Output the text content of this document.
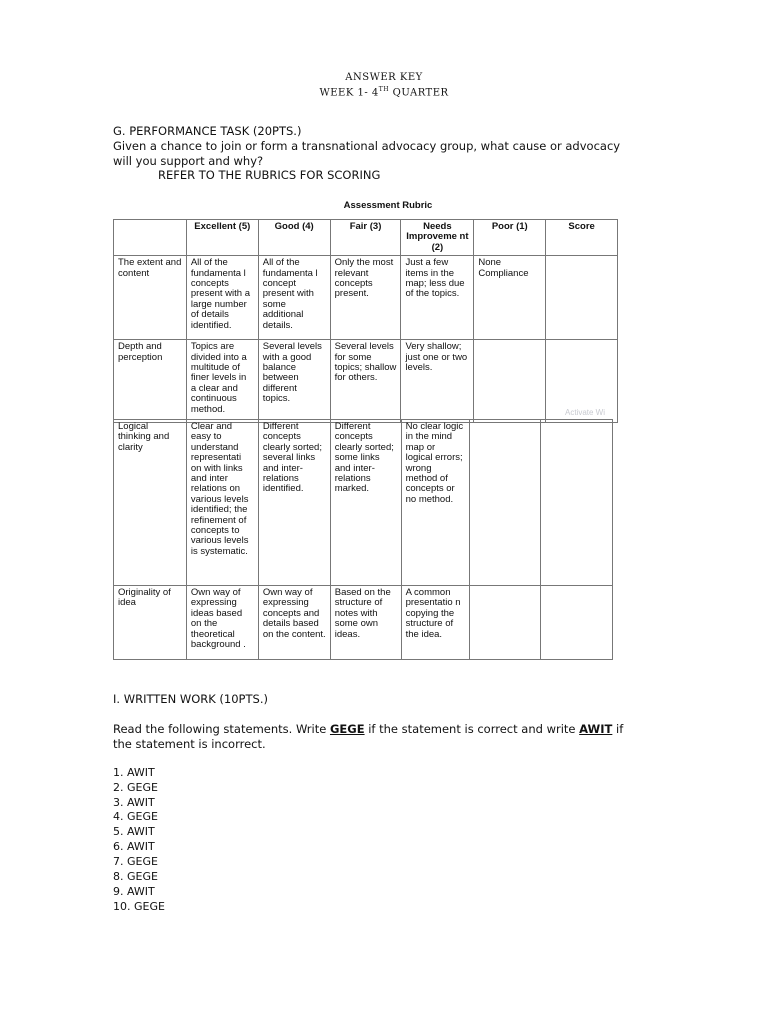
ANSWER KEY
WEEK 1- 4TH QUARTER
G. PERFORMANCE TASK (20PTS.)
Given a chance to join or form a transnational advocacy group, what cause or advocacy
will you support and why?
REFER TO THE RUBRICS FOR SCORING
Assessment Rubric
	Excellent (5)	Good (4)	Fair (3)	Needs Improveme nt (2)	Poor (1)	Score
The extent and content	All of the fundamenta l concepts present with a large number of details identified.	All of the fundamenta l concept present with some additional details.	Only the most relevant concepts present.	Just a few items in the map; less due of the topics.	None Compliance	
Depth and perception	Topics are divided into a multitude of finer levels in a clear and continuous method.	Several levels with a good balance between different topics.	Several levels for some topics; shallow for others.	Very shallow; just one or two levels.		
Activate Wi
Logical thinking and clarity	Clear and easy to understand representati on with links and inter relations on various levels identified; the refinement of concepts to various levels is systematic.	Different concepts clearly sorted; several links and inter-relations identified.	Different concepts clearly sorted; some links and inter-relations marked.	No clear logic in the mind map or logical errors; wrong method of concepts or no method.		
Originality of idea	Own way of expressing ideas based on the theoretical background .	Own way of expressing concepts and details based on the content.	Based on the structure of notes with some own ideas.	A common presentatio n copying the structure of the idea.		
I. WRITTEN WORK (10PTS.)
Read the following statements. Write GEGE if the statement is correct and write AWIT if
the statement is incorrect.
1. AWIT
2. GEGE
3. AWIT
4. GEGE
5. AWIT
6. AWIT
7. GEGE
8. GEGE
9. AWIT
10. GEGE
